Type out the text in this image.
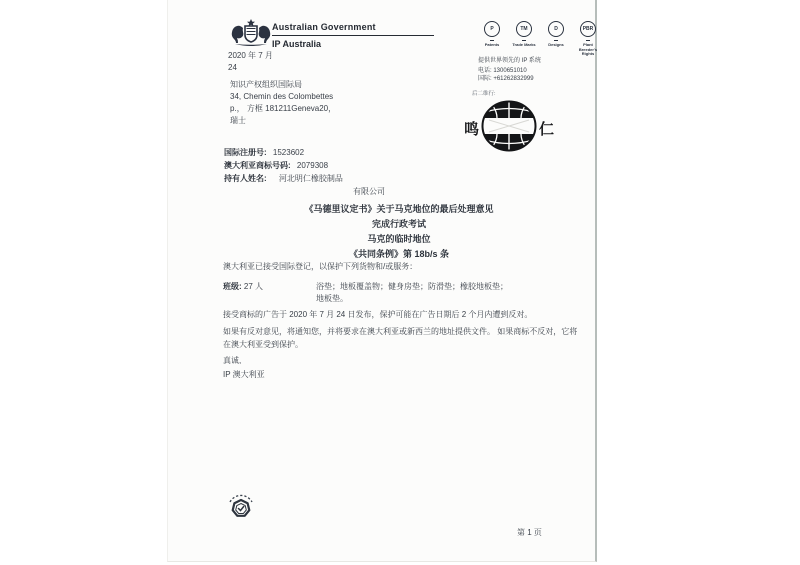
Australian Government
IP Australia
2020 年 7 月
24
P
Patents
TM
Trade Marks
D
Designs
PBR
Plant Breeder's Rights
提供世界领先的 IP 系统
电话: 1300651010
国际: +61262832999
后二维行:
知识产权组织国际局
34, Chemin des Colombettes
p.， 方框 181211Geneva20，
瑞士
鸣	仁
国际注册号: 1523602
澳大利亚商标号码: 2079308
持有人姓名: 河北明仁橡胶制品
有限公司
《马德里议定书》关于马克地位的最后处理意见
完成行政考试
马克的临时地位
《共同条例》第 18b/s 条
澳大利亚已接受国际登记，以保护下列货物和/或服务：
班级: 27 人	浴垫；地板覆盖物；健身房垫；防滑垫；橡胶地板垫；
地板垫。
接受商标的广告于 2020 年 7 月 24 日发布，保护可能在广告日期后 2 个月内遭到反对。
如果有反对意见，将通知您，并将要求在澳大利亚或新西兰的地址提供文件。 如果商标不反对，它将在澳大利亚受到保护。
真诚,
IP 澳大利亚
第 1 页
